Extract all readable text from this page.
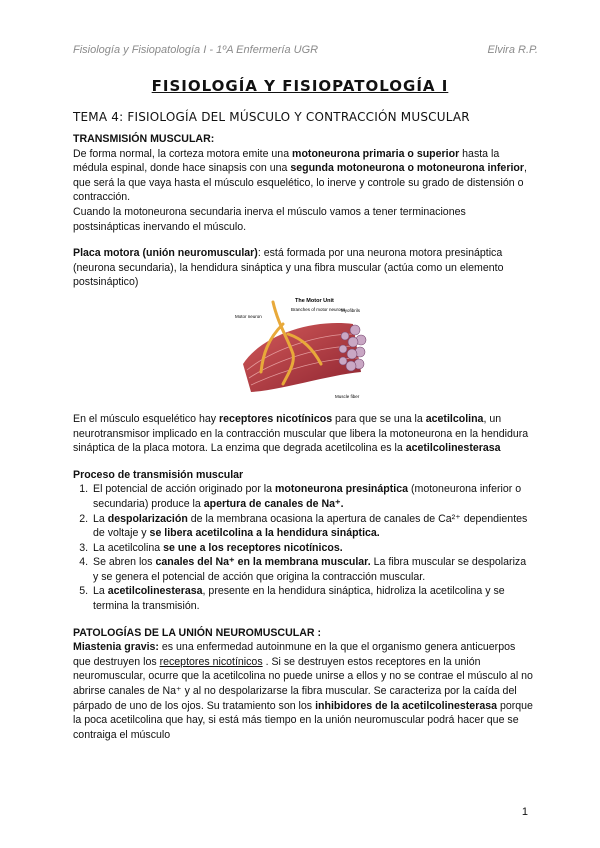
Fisiología y Fisiopatología I - 1ºA Enfermería UGR	Elvira R.P.
FISIOLOGÍA Y FISIOPATOLOGÍA I
TEMA 4: FISIOLOGÍA DEL MÚSCULO Y CONTRACCIÓN MUSCULAR

TRANSMISIÓN MUSCULAR:

De forma normal, la corteza motora emite una motoneurona primaria o superior hasta la médula espinal, donde hace sinapsis con una segunda motoneurona o motoneurona inferior, que será la que vaya hasta el músculo esquelético, lo inerve y controle su grado de distensión o contracción.

Cuando la motoneurona secundaria inerva el músculo vamos a tener terminaciones postsinápticas inervando el músculo.

Placa motora (unión neuromuscular): está formada por una neurona motora presináptica (neurona secundaria), la hendidura sináptica y una fibra muscular (actúa como un elemento postsináptico)

The Motor Unit
Motor neuron
Branches of motor neurons
Myofibrils
Muscle fiber

En el músculo esquelético hay receptores nicotínicos para que se una la acetilcolina, un neurotransmisor implicado en la contracción muscular que libera la motoneurona en la hendidura sináptica de la placa motora. La enzima que degrada acetilcolina es la acetilcolinesterasa

Proceso de transmisión muscular

1. El potencial de acción originado por la motoneurona presináptica (motoneurona inferior o secundaria) produce la apertura de canales de Na⁺.
2. La despolarización de la membrana ocasiona la apertura de canales de Ca²⁺ dependientes de voltaje y se libera acetilcolina a la hendidura sináptica.
3. La acetilcolina se une a los receptores nicotínicos.
4. Se abren los canales del Na⁺ en la membrana muscular. La fibra muscular se despolariza y se genera el potencial de acción que origina la contracción muscular.
5. La acetilcolinesterasa, presente en la hendidura sináptica, hidroliza la acetilcolina y se termina la transmisión.

PATOLOGÍAS DE LA UNIÓN NEUROMUSCULAR :

Miastenia gravis: es una enfermedad autoinmune en la que el organismo genera anticuerpos que destruyen los receptores nicotínicos . Si se destruyen estos receptores en la unión neuromuscular, ocurre que la acetilcolina no puede unirse a ellos y no se contrae el músculo al no abrirse canales de Na⁺ y al no despolarizarse la fibra muscular. Se caracteriza por la caída del párpado de uno de los ojos. Su tratamiento son los inhibidores de la acetilcolinesterasa porque la poca acetilcolina que hay, si está más tiempo en la unión neuromuscular podrá hacer que se contraiga el músculo

1
